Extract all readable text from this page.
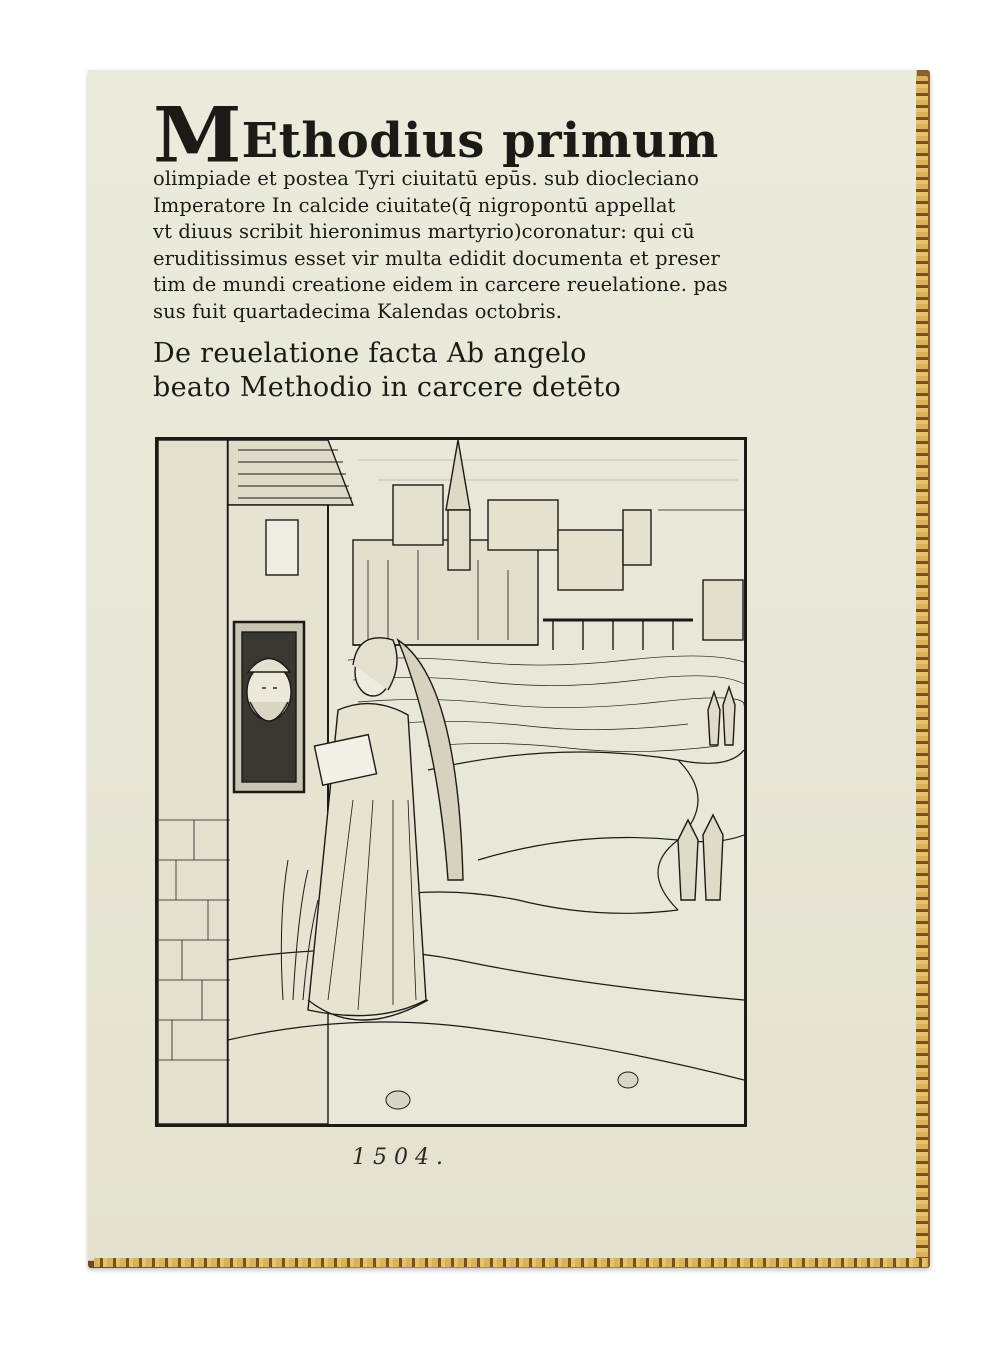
M Ethodius primum
olimpiade et postea Tyri ciuitatū epūs. sub diocleciano
Imperatore In calcide ciuitate(q̄ nigropontū appellat
vt diuus scribit hieronimus martyrio)coronatur: qui cū
eruditissimus esset vir multa edidit documenta et preser
tim de mundi creatione eidem in carcere reuelatione. pas
sus fuit quartadecima Kalendas octobris.
De reuelatione facta Ab angelo
beato Methodio in carcere detēto
1504.
